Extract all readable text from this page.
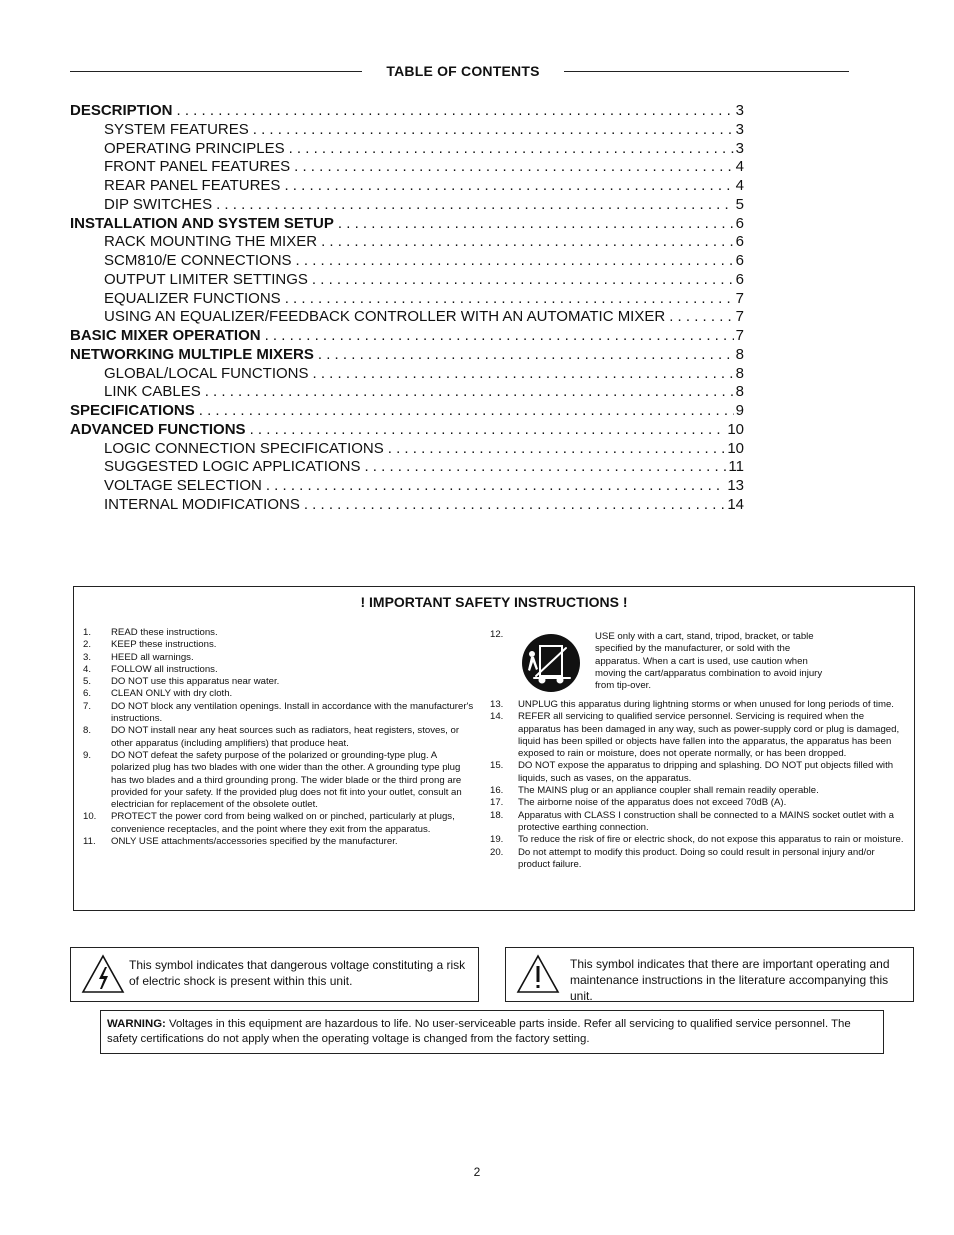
TABLE OF CONTENTS
DESCRIPTION . . .	3
SYSTEM FEATURES . . .	3
OPERATING PRINCIPLES . . .	3
FRONT PANEL FEATURES . . .	4
REAR PANEL FEATURES . . .	4
DIP SWITCHES . . .	5
INSTALLATION AND SYSTEM SETUP . . .	6
RACK MOUNTING THE MIXER . . .	6
SCM810/E CONNECTIONS . . .	6
OUTPUT LIMITER SETTINGS . . .	6
EQUALIZER FUNCTIONS . . .	7
USING AN EQUALIZER/FEEDBACK CONTROLLER WITH AN AUTOMATIC MIXER . . .	7
BASIC MIXER OPERATION . . .	7
NETWORKING MULTIPLE MIXERS . . .	8
GLOBAL/LOCAL FUNCTIONS . . .	8
LINK CABLES . . .	8
SPECIFICATIONS . . .	9
ADVANCED FUNCTIONS . . .	10
LOGIC CONNECTION SPECIFICATIONS . . .	10
SUGGESTED LOGIC APPLICATIONS . . .	11
VOLTAGE SELECTION . . .	13
INTERNAL MODIFICATIONS . . .	14
! IMPORTANT SAFETY INSTRUCTIONS !
1.	READ these instructions.
2.	KEEP these instructions.
3.	HEED all warnings.
4.	FOLLOW all instructions.
5.	DO NOT use this apparatus near water.
6.	CLEAN ONLY with dry cloth.
7.	DO NOT block any ventilation openings. Install in accordance with the manufacturer's instructions.
8.	DO NOT install near any heat sources such as radiators, heat registers, stoves, or other apparatus (including amplifiers) that produce heat.
9.	DO NOT defeat the safety purpose of the polarized or grounding-type plug. A polarized plug has two blades with one wider than the other. A grounding type plug has two blades and a third grounding prong. The wider blade or the third prong are provided for your safety. If the provided plug does not fit into your outlet, consult an electrician for replacement of the obsolete outlet.
10.	PROTECT the power cord from being walked on or pinched, particularly at plugs, convenience receptacles, and the point where they exit from the apparatus.
11.	ONLY USE attachments/accessories specified by the manufacturer.
12.	USE only with a cart, stand, tripod, bracket, or table specified by the manufacturer, or sold with the apparatus. When a cart is used, use caution when moving the cart/apparatus combination to avoid injury from tip-over.
13.	UNPLUG this apparatus during lightning storms or when unused for long periods of time.
14.	REFER all servicing to qualified service personnel. Servicing is required when the apparatus has been damaged in any way, such as power-supply cord or plug is damaged, liquid has been spilled or objects have fallen into the apparatus, the apparatus has been exposed to rain or moisture, does not operate normally, or has been dropped.
15.	DO NOT expose the apparatus to dripping and splashing. DO NOT put objects filled with liquids, such as vases, on the apparatus.
16.	The MAINS plug or an appliance coupler shall remain readily operable.
17.	The airborne noise of the apparatus does not exceed 70dB (A).
18.	Apparatus with CLASS I construction shall be connected to a MAINS socket outlet with a protective earthing connection.
19.	To reduce the risk of fire or electric shock, do not expose this apparatus to rain or moisture.
20.	Do not attempt to modify this product. Doing so could result in personal injury and/or product failure.
This symbol indicates that dangerous voltage constituting a risk of electric shock is present within this unit.
This symbol indicates that there are important operating and maintenance instructions in the literature accompanying this unit.
WARNING: Voltages in this equipment are hazardous to life. No user-serviceable parts inside. Refer all servicing to qualified service personnel. The safety certifications do not apply when the operating voltage is changed from the factory setting.
2
